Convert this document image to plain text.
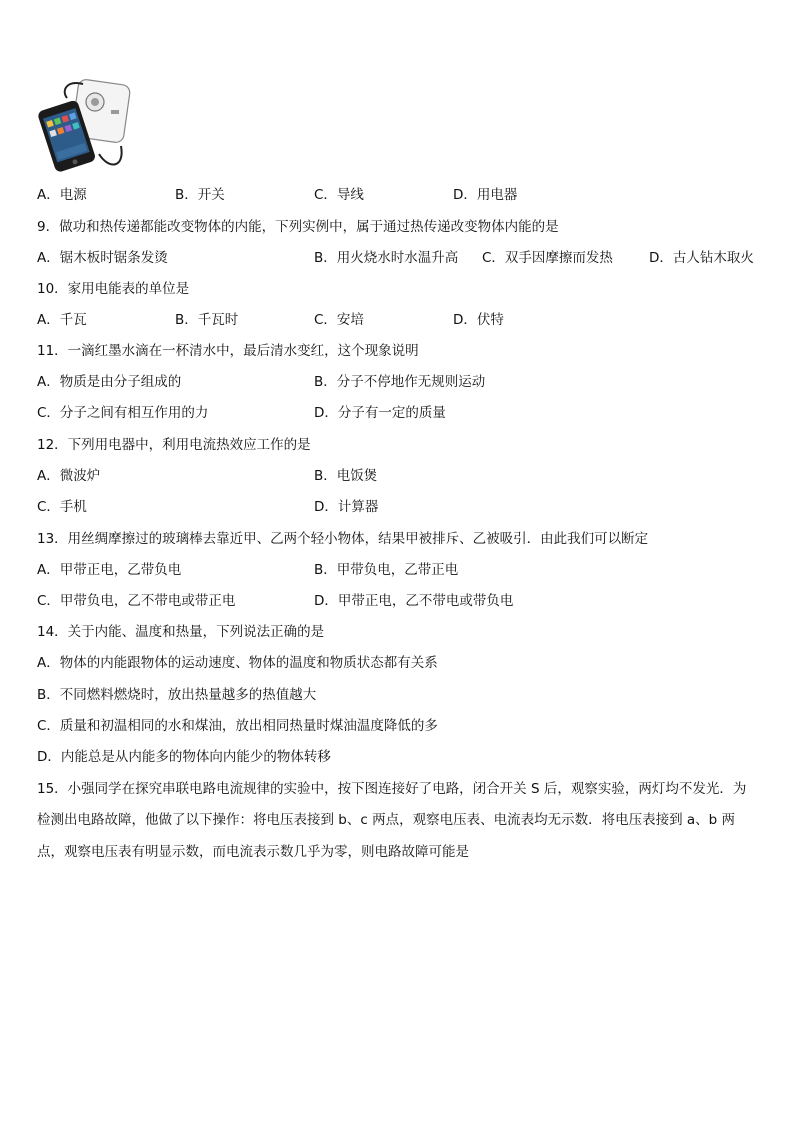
A．电源	B．开关	C．导线	D．用电器
9．做功和热传递都能改变物体的内能，下列实例中，属于通过热传递改变物体内能的是
A．锯木板时锯条发烫	B．用火烧水时水温升高 C．双手因摩擦而发热	D．古人钻木取火
10．家用电能表的单位是
A．千瓦	B．千瓦时	C．安培	D．伏特
11．一滴红墨水滴在一杯清水中，最后清水变红，这个现象说明
A．物质是由分子组成的	B．分子不停地作无规则运动
C．分子之间有相互作用的力	D．分子有一定的质量
12．下列用电器中，利用电流热效应工作的是
A．微波炉	B．电饭煲
C．手机	D．计算器
13．用丝绸摩擦过的玻璃棒去靠近甲、乙两个轻小物体，结果甲被排斥、乙被吸引．由此我们可以断定
A．甲带正电，乙带负电	B．甲带负电，乙带正电
C．甲带负电，乙不带电或带正电	D．甲带正电，乙不带电或带负电
14．关于内能、温度和热量，下列说法正确的是
A．物体的内能跟物体的运动速度、物体的温度和物质状态都有关系
B．不同燃料燃烧时，放出热量越多的热值越大
C．质量和初温相同的水和煤油，放出相同热量时煤油温度降低的多
D．内能总是从内能多的物体向内能少的物体转移
15．小强同学在探究串联电路电流规律的实验中，按下图连接好了电路，闭合开关 S 后，观察实验，两灯均不发光．为
检测出电路故障，他做了以下操作：将电压表接到 b、c 两点，观察电压表、电流表均无示数．将电压表接到 a、b 两
点，观察电压表有明显示数，而电流表示数几乎为零，则电路故障可能是
